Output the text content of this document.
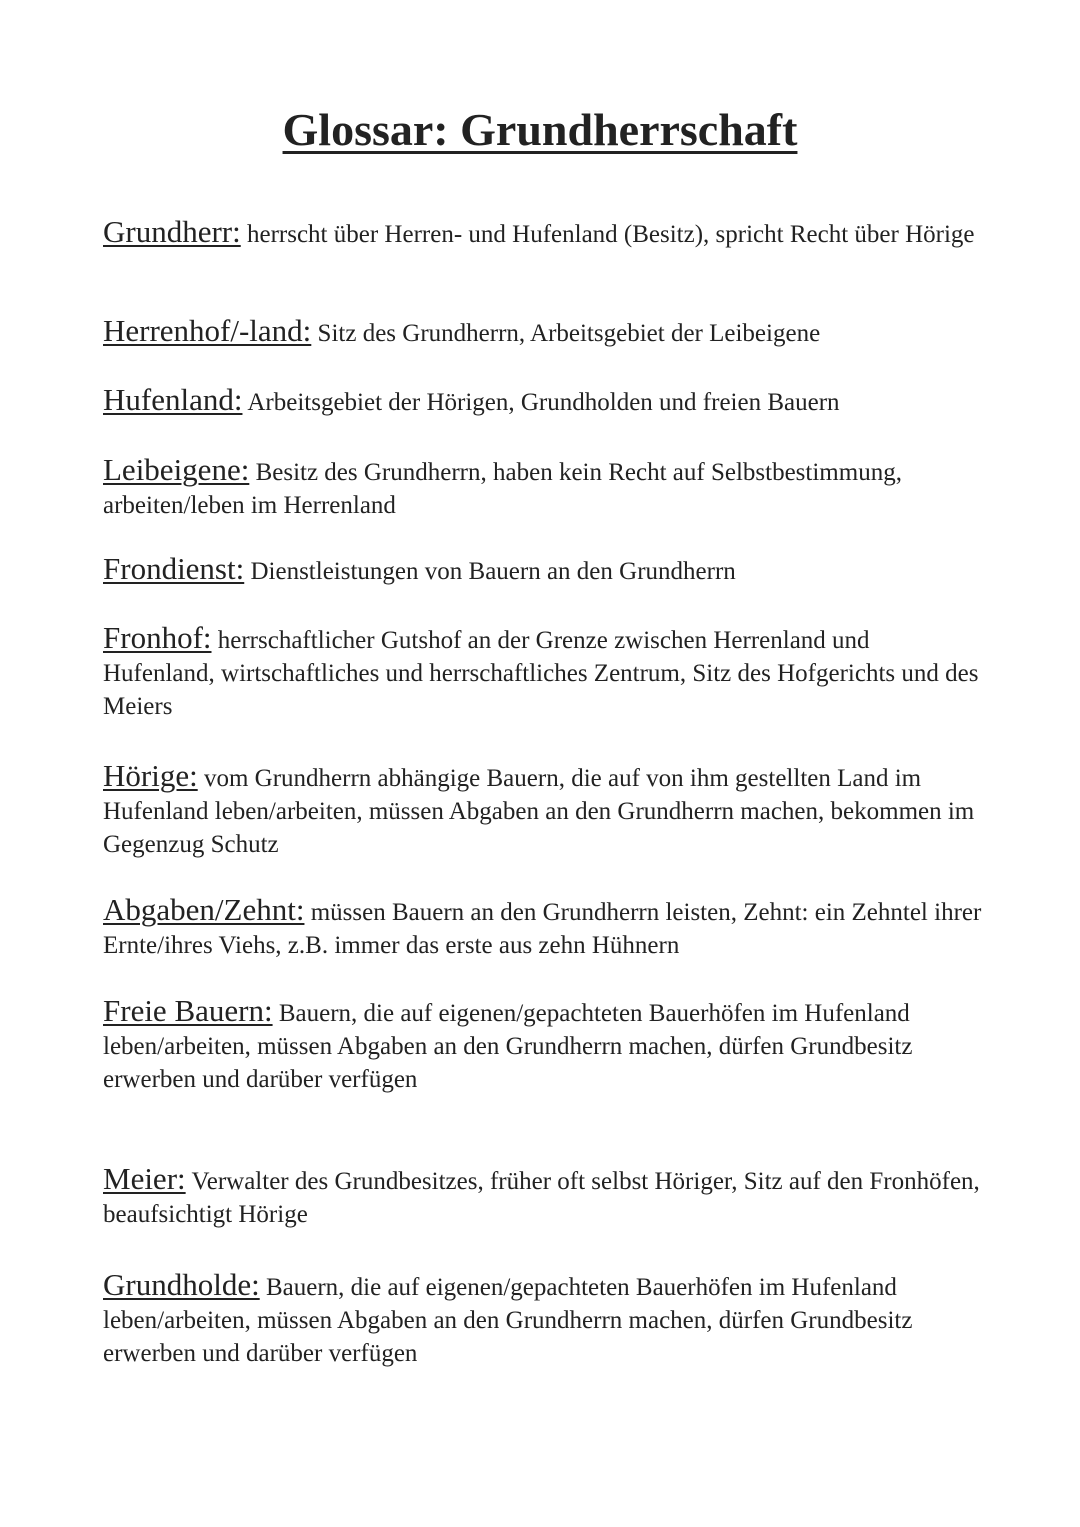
Glossar: Grundherrschaft

Grundherr: herrscht über Herren- und Hufenland (Besitz), spricht Recht über Hörige

Herrenhof/-land: Sitz des Grundherrn, Arbeitsgebiet der Leibeigene

Hufenland: Arbeitsgebiet der Hörigen, Grundholden und freien Bauern

Leibeigene: Besitz des Grundherrn, haben kein Recht auf Selbstbestimmung, arbeiten/leben im Herrenland

Frondienst: Dienstleistungen von Bauern an den Grundherrn

Fronhof: herrschaftlicher Gutshof an der Grenze zwischen Herrenland und Hufenland, wirtschaftliches und herrschaftliches Zentrum, Sitz des Hofgerichts und des Meiers

Hörige: vom Grundherrn abhängige Bauern, die auf von ihm gestellten Land im Hufenland leben/arbeiten, müssen Abgaben an den Grundherrn machen, bekommen im Gegenzug Schutz

Abgaben/Zehnt: müssen Bauern an den Grundherrn leisten, Zehnt: ein Zehntel ihrer Ernte/ihres Viehs, z.B. immer das erste aus zehn Hühnern

Freie Bauern: Bauern, die auf eigenen/gepachteten Bauerhöfen im Hufenland leben/arbeiten, müssen Abgaben an den Grundherrn machen, dürfen Grundbesitz erwerben und darüber verfügen

Meier: Verwalter des Grundbesitzes, früher oft selbst Höriger, Sitz auf den Fronhöfen, beaufsichtigt Hörige

Grundholde: Bauern, die auf eigenen/gepachteten Bauerhöfen im Hufenland leben/arbeiten, müssen Abgaben an den Grundherrn machen, dürfen Grundbesitz erwerben und darüber verfügen
